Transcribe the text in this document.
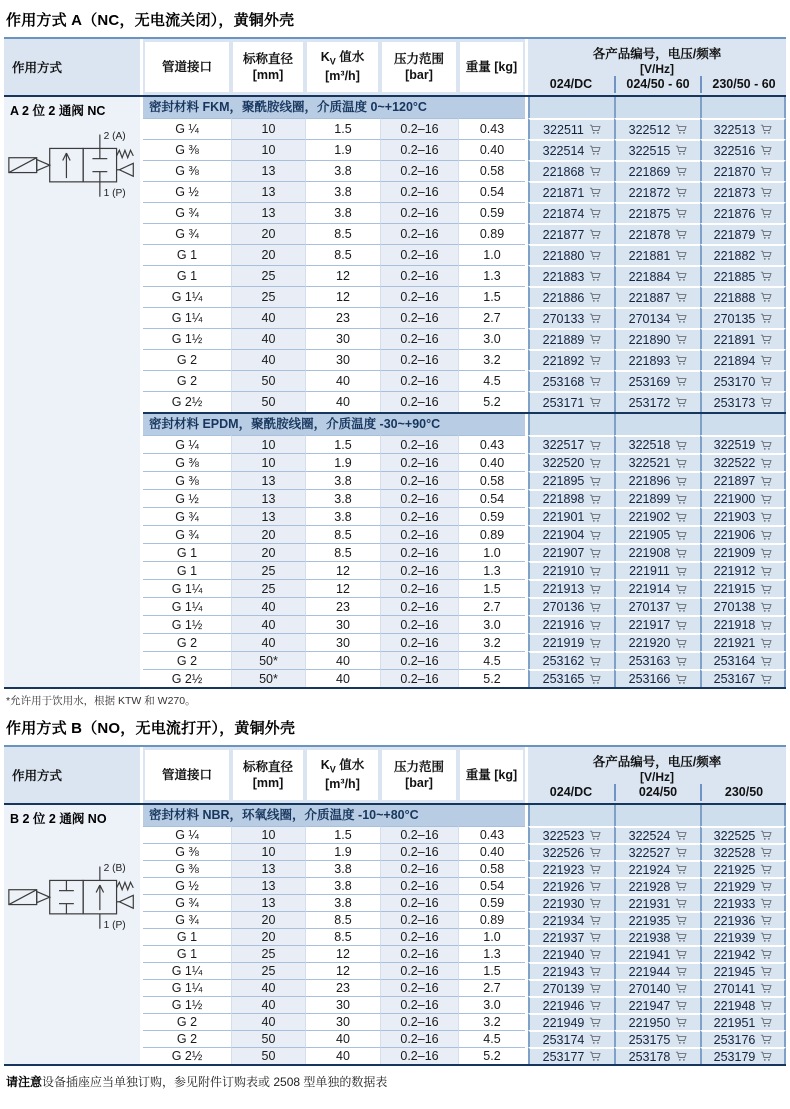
作用方式 A（NC，无电流关闭），黄铜外壳
作用方式	管道接口
标称直径
[mm]
$K_V$ 值水
[m³/h]
压力范围
[bar]
重量 [kg]
各产品编号，电压/频率
[V/Hz]
024/DC	024/50 - 60	230/50 - 60
A 2 位 2 通阀 NC
2 (A)
1 (P)
密封材料 FKM，聚酰胺线圈，介质温度 0~+120°C
G ¼	10	1.5	0.2–16	0.43	322511	322512	322513
G ⅜	10	1.9	0.2–16	0.40	322514	322515	322516
G ⅜	13	3.8	0.2–16	0.58	221868	221869	221870
G ½	13	3.8	0.2–16	0.54	221871	221872	221873
G ¾	13	3.8	0.2–16	0.59	221874	221875	221876
G ¾	20	8.5	0.2–16	0.89	221877	221878	221879
G 1	20	8.5	0.2–16	1.0	221880	221881	221882
G 1	25	12	0.2–16	1.3	221883	221884	221885
G 1¼	25	12	0.2–16	1.5	221886	221887	221888
G 1¼	40	23	0.2–16	2.7	270133	270134	270135
G 1½	40	30	0.2–16	3.0	221889	221890	221891
G 2	40	30	0.2–16	3.2	221892	221893	221894
G 2	50	40	0.2–16	4.5	253168	253169	253170
G 2½	50	40	0.2–16	5.2	253171	253172	253173
密封材料 EPDM，聚酰胺线圈，介质温度 -30~+90°C
G ¼	10	1.5	0.2–16	0.43	322517	322518	322519
G ⅜	10	1.9	0.2–16	0.40	322520	322521	322522
G ⅜	13	3.8	0.2–16	0.58	221895	221896	221897
G ½	13	3.8	0.2–16	0.54	221898	221899	221900
G ¾	13	3.8	0.2–16	0.59	221901	221902	221903
G ¾	20	8.5	0.2–16	0.89	221904	221905	221906
G 1	20	8.5	0.2–16	1.0	221907	221908	221909
G 1	25	12	0.2–16	1.3	221910	221911	221912
G 1¼	25	12	0.2–16	1.5	221913	221914	221915
G 1¼	40	23	0.2–16	2.7	270136	270137	270138
G 1½	40	30	0.2–16	3.0	221916	221917	221918
G 2	40	30	0.2–16	3.2	221919	221920	221921
G 2	50*	40	0.2–16	4.5	253162	253163	253164
G 2½	50*	40	0.2–16	5.2	253165	253166	253167
*允许用于饮用水，根据 KTW 和 W270。
作用方式 B（NO，无电流打开），黄铜外壳
作用方式	管道接口
标称直径
[mm]
$K_V$ 值水
[m³/h]
压力范围
[bar]
重量 [kg]
各产品编号，电压/频率
[V/Hz]
024/DC	024/50	230/50
B 2 位 2 通阀 NO
2 (B)
1 (P)
密封材料 NBR，环氧线圈，介质温度 -10~+80°C
G ¼	10	1.5	0.2–16	0.43	322523	322524	322525
G ⅜	10	1.9	0.2–16	0.40	322526	322527	322528
G ⅜	13	3.8	0.2–16	0.58	221923	221924	221925
G ½	13	3.8	0.2–16	0.54	221926	221928	221929
G ¾	13	3.8	0.2–16	0.59	221930	221931	221933
G ¾	20	8.5	0.2–16	0.89	221934	221935	221936
G 1	20	8.5	0.2–16	1.0	221937	221938	221939
G 1	25	12	0.2–16	1.3	221940	221941	221942
G 1¼	25	12	0.2–16	1.5	221943	221944	221945
G 1¼	40	23	0.2–16	2.7	270139	270140	270141
G 1½	40	30	0.2–16	3.0	221946	221947	221948
G 2	40	30	0.2–16	3.2	221949	221950	221951
G 2	50	40	0.2–16	4.5	253174	253175	253176
G 2½	50	40	0.2–16	5.2	253177	253178	253179

请注意设备插座应当单独订购，参见附件订购表或 2508 型单独的数据表
